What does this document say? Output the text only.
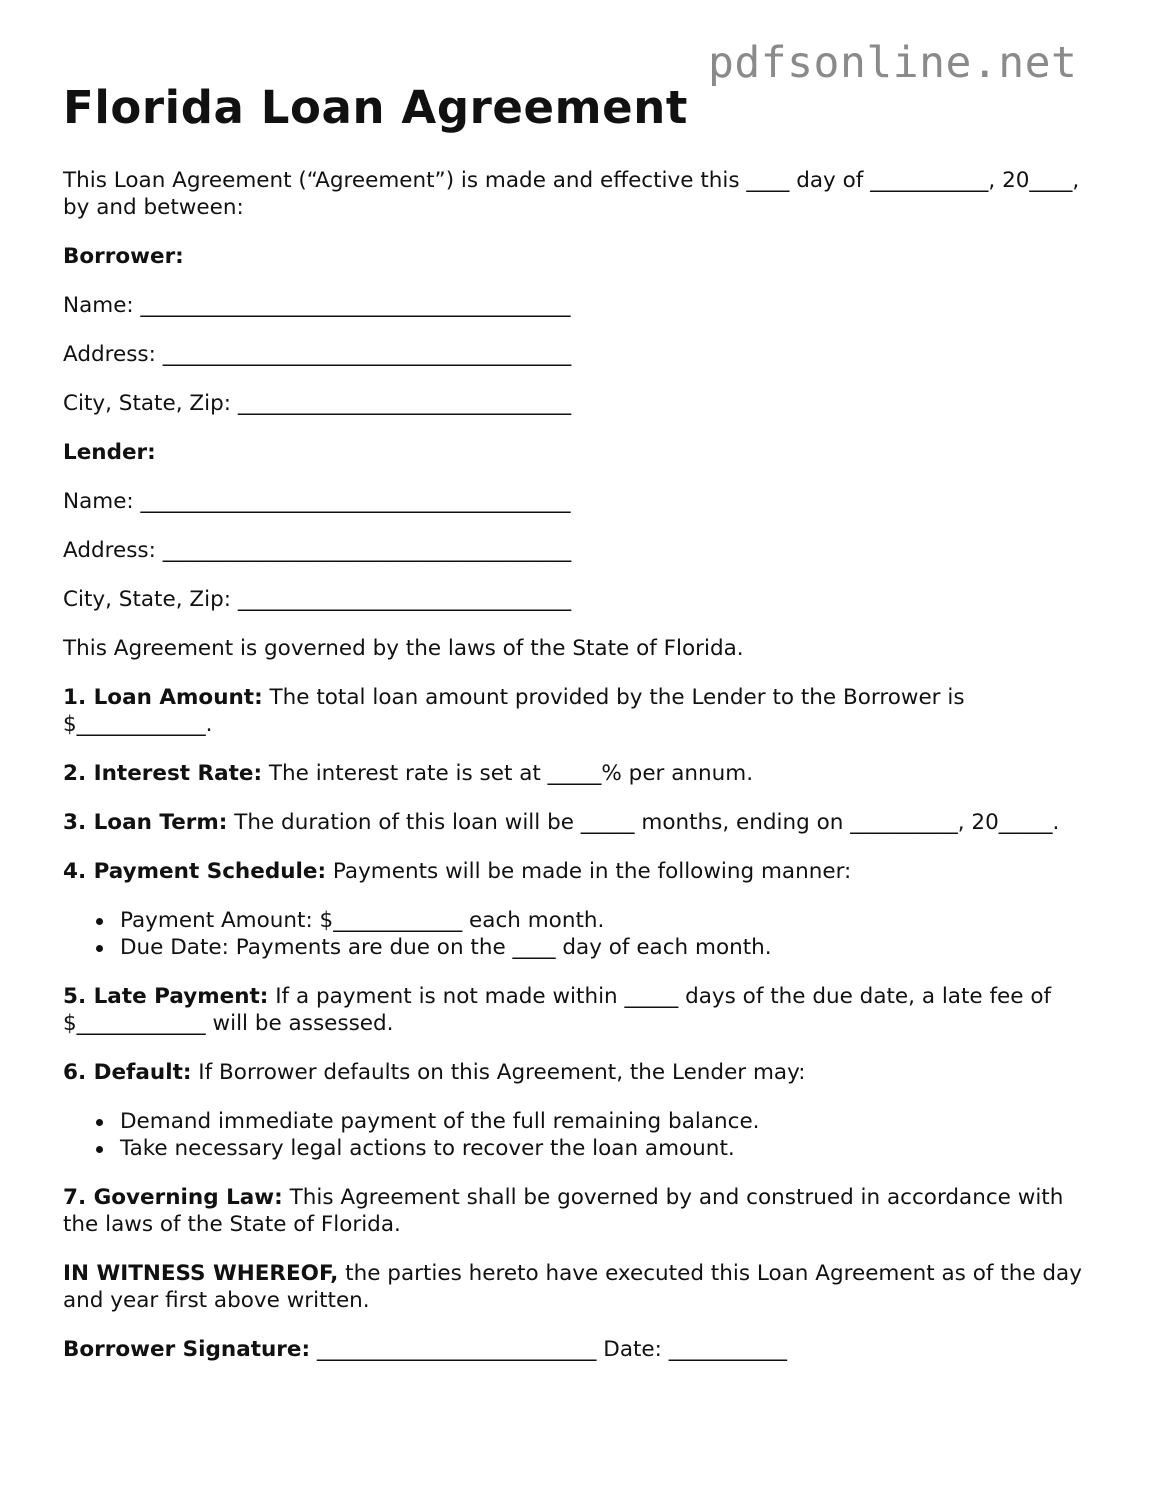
pdfsonline.net
Florida Loan Agreement

This Loan Agreement (“Agreement”) is made and effective this ____ day of ___________, 20____, by and between:

Borrower:

Name: ________________________________________

Address: ______________________________________

City, State, Zip: _______________________________

Lender:

Name: ________________________________________

Address: ______________________________________

City, State, Zip: _______________________________

This Agreement is governed by the laws of the State of Florida.

1. Loan Amount: The total loan amount provided by the Lender to the Borrower is $____________.

2. Interest Rate: The interest rate is set at _____% per annum.

3. Loan Term: The duration of this loan will be _____ months, ending on __________, 20_____.

4. Payment Schedule: Payments will be made in the following manner:

Payment Amount: $____________ each month.
Due Date: Payments are due on the ____ day of each month.

5. Late Payment: If a payment is not made within _____ days of the due date, a late fee of $____________ will be assessed.

6. Default: If Borrower defaults on this Agreement, the Lender may:

Demand immediate payment of the full remaining balance.
Take necessary legal actions to recover the loan amount.

7. Governing Law: This Agreement shall be governed by and construed in accordance with the laws of the State of Florida.

IN WITNESS WHEREOF, the parties hereto have executed this Loan Agreement as of the day and year first above written.

Borrower Signature: __________________________ Date: ___________
